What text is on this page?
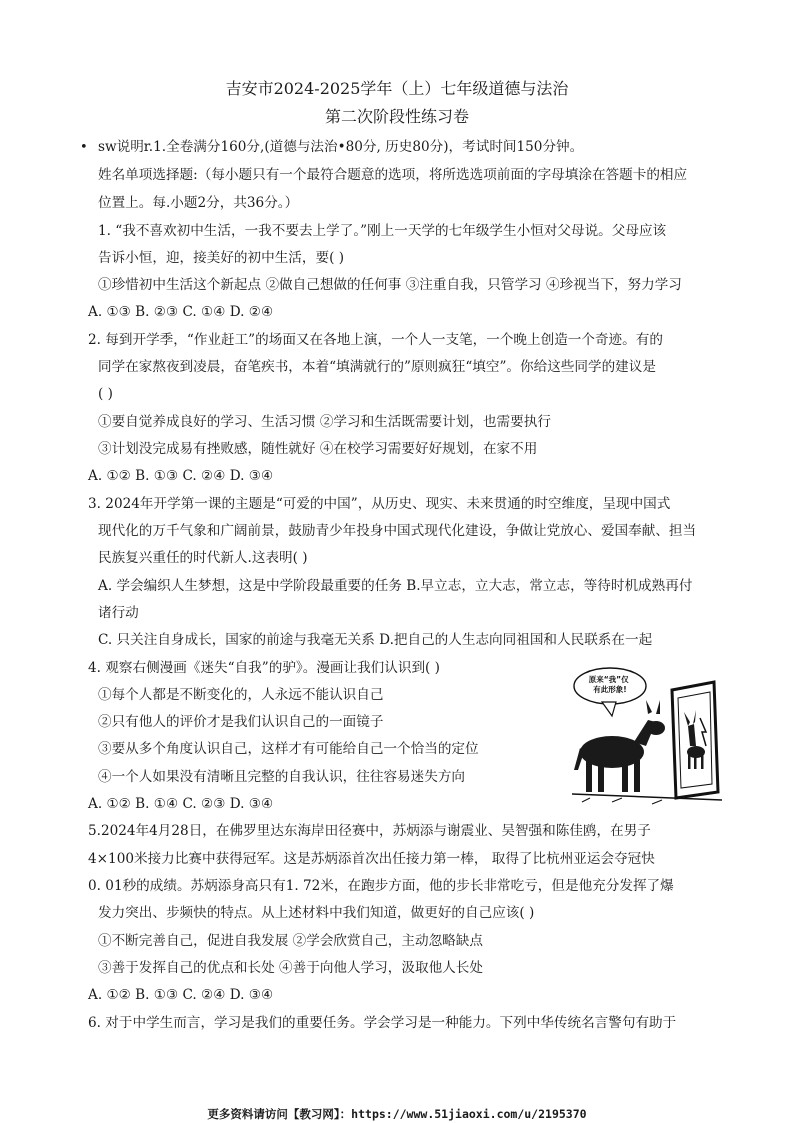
吉安市2024-2025学年（上）七年级道德与法治
第二次阶段性练习卷
• sw说明r.1.全卷满分160分,(道德与法治•80分, 历史80分)，考试时间150分钟。
姓名单项选择题:（每小题只有一个最符合题意的选项，将所选选项前面的字母填涂在答题卡的相应
位置上。每.小题2分，共36分。）
1. “我不喜欢初中生活，一我不要去上学了。”刚上一天学的七年级学生小恒对父母说。父母应该
告诉小恒，迎，接美好的初中生活，要( )
①珍惜初中生活这个新起点 ②做自己想做的任何事 ③注重自我，只管学习 ④珍视当下，努力学习
A. ①③ B. ②③ C. ①④ D. ②④
2. 每到开学季，“作业赶工”的场面又在各地上演，一个人一支笔，一个晚上创造一个奇迹。有的
同学在家熬夜到凌晨，奋笔疾书，本着“填满就行的”原则疯狂“填空”。你给这些同学的建议是
( )
①要自觉养成良好的学习、生活习惯 ②学习和生活既需要计划，也需要执行
③计划没完成易有挫败感，随性就好 ④在校学习需要好好规划，在家不用
A. ①② B. ①③ C. ②④ D. ③④
3. 2024年开学第一课的主题是“可爱的中国”，从历史、现实、未来贯通的时空维度，呈现中国式
现代化的万千气象和广阔前景，鼓励青少年投身中国式现代化建设，争做让党放心、爱国奉献、担当
民族复兴重任的时代新人.这表明( )
A. 学会编织人生梦想，这是中学阶段最重要的任务 B.早立志，立大志，常立志，等待时机成熟再付
诸行动
C. 只关注自身成长，国家的前途与我毫无关系 D.把自己的人生志向同祖国和人民联系在一起
4. 观察右侧漫画《迷失“自我”的驴》。漫画让我们认识到( )
①每个人都是不断变化的，人永远不能认识自己
②只有他人的评价才是我们认识自己的一面镜子
③要从多个角度认识自己，这样才有可能给自己一个恰当的定位
④一个人如果没有清晰且完整的自我认识，往往容易迷失方向
A. ①② B. ①④ C. ②③ D. ③④
5.2024年4月28日，在佛罗里达东海岸田径赛中，苏炳添与谢震业、吴智强和陈佳鸥，在男子
4×100米接力比赛中获得冠军。这是苏炳添首次出任接力第一棒， 取得了比杭州亚运会夺冠快
0. 01秒的成绩。苏炳添身高只有1. 72米，在跑步方面，他的步长非常吃亏，但是他充分发挥了爆
发力突出、步频快的特点。从上述材料中我们知道，做更好的自己应该( )
①不断完善自己，促进自我发展 ②学会欣赏自己，主动忽略缺点
③善于发挥自己的优点和长处 ④善于向他人学习，汲取他人长处
A. ①② B. ①③ C. ②④ D. ③④
6. 对于中学生而言，学习是我们的重要任务。学会学习是一种能力。下列中华传统名言警句有助于
原来“我”仅 有此形象!
更多资料请访问【教习网】：https://www.51jiaoxi.com/u/2195370
